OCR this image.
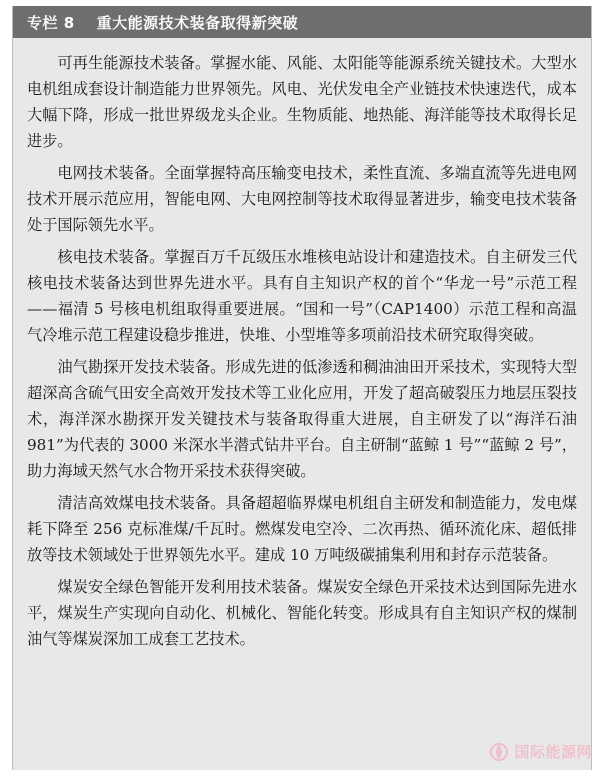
专栏 8 重大能源技术装备取得新突破

可再生能源技术装备。掌握水能、风能、太阳能等能源系统关键技术。大型水电机组成套设计制造能力世界领先。风电、光伏发电全产业链技术快速迭代，成本大幅下降，形成一批世界级龙头企业。生物质能、地热能、海洋能等技术取得长足进步。

电网技术装备。全面掌握特高压输变电技术，柔性直流、多端直流等先进电网技术开展示范应用，智能电网、大电网控制等技术取得显著进步，输变电技术装备处于国际领先水平。

核电技术装备。掌握百万千瓦级压水堆核电站设计和建造技术。自主研发三代核电技术装备达到世界先进水平。具有自主知识产权的首个“华龙一号”示范工程——福清 5 号核电机组取得重要进展。“国和一号”（CAP1400）示范工程和高温气冷堆示范工程建设稳步推进，快堆、小型堆等多项前沿技术研究取得突破。

油气勘探开发技术装备。形成先进的低渗透和稠油油田开采技术，实现特大型超深高含硫气田安全高效开发技术等工业化应用，开发了超高破裂压力地层压裂技术，海洋深水勘探开发关键技术与装备取得重大进展，自主研发了以“海洋石油 981”为代表的 3000 米深水半潜式钻井平台。自主研制“蓝鲸 1 号”“蓝鲸 2 号”，助力海域天然气水合物开采技术获得突破。

清洁高效煤电技术装备。具备超超临界煤电机组自主研发和制造能力，发电煤耗下降至 256 克标准煤/千瓦时。燃煤发电空冷、二次再热、循环流化床、超低排放等技术领域处于世界领先水平。建成 10 万吨级碳捕集利用和封存示范装备。

煤炭安全绿色智能开发利用技术装备。煤炭安全绿色开采技术达到国际先进水平，煤炭生产实现向自动化、机械化、智能化转变。形成具有自主知识产权的煤制油气等煤炭深加工成套工艺技术。

国际能源网
